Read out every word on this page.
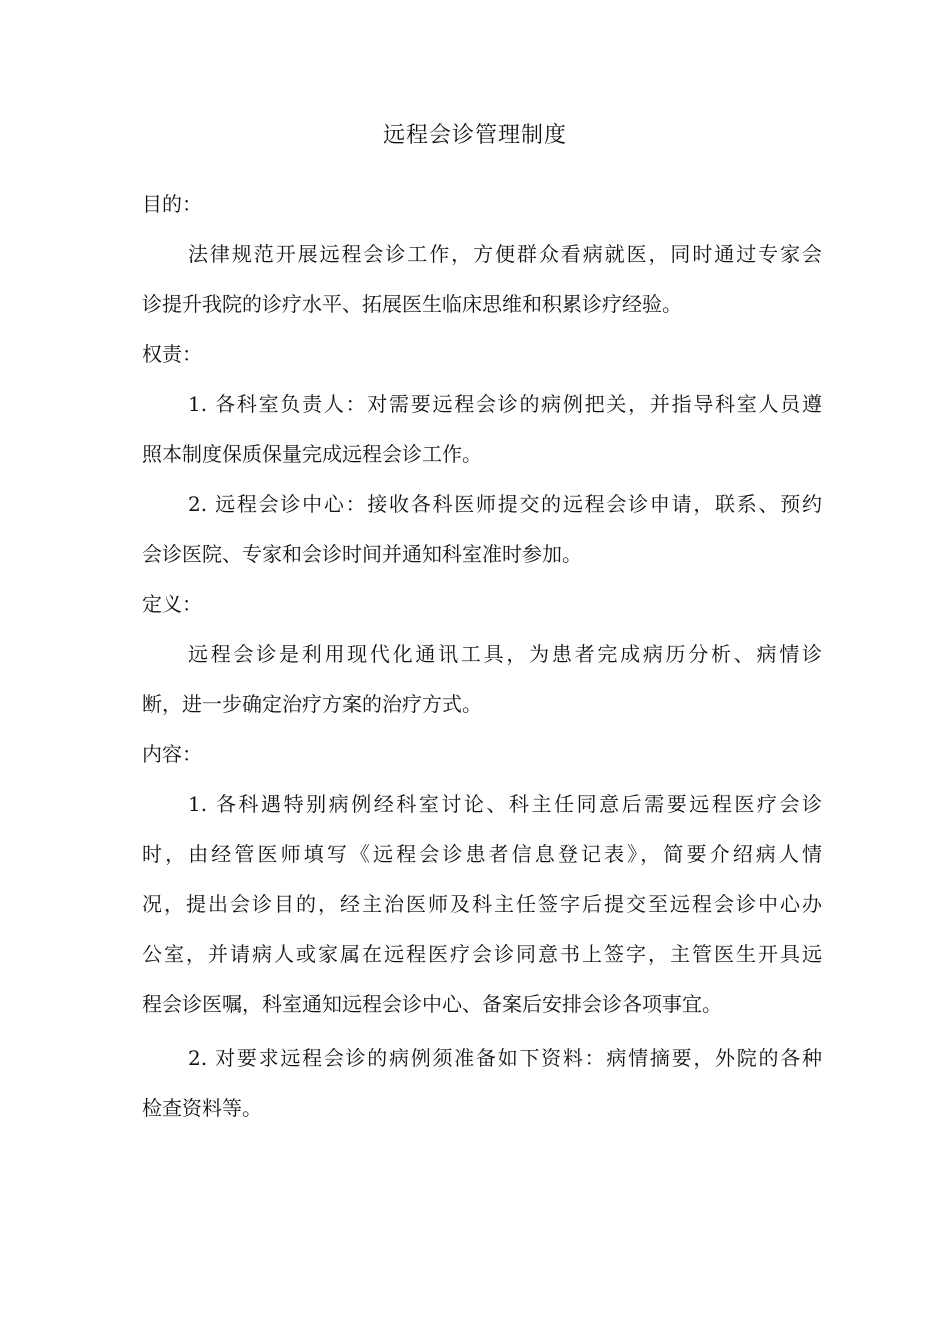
远程会诊管理制度
目的：
法律规范开展远程会诊工作，方便群众看病就医，同时通过专家会
诊提升我院的诊疗水平、拓展医生临床思维和积累诊疗经验。
权责：
1. 各科室负责人：对需要远程会诊的病例把关，并指导科室人员遵
照本制度保质保量完成远程会诊工作。
2. 远程会诊中心：接收各科医师提交的远程会诊申请，联系、预约
会诊医院、专家和会诊时间并通知科室准时参加。
定义：
远程会诊是利用现代化通讯工具，为患者完成病历分析、病情诊
断，进一步确定治疗方案的治疗方式。
内容：
1. 各科遇特别病例经科室讨论、科主任同意后需要远程医疗会诊
时，由经管医师填写《远程会诊患者信息登记表》，简要介绍病人情
况，提出会诊目的，经主治医师及科主任签字后提交至远程会诊中心办
公室，并请病人或家属在远程医疗会诊同意书上签字，主管医生开具远
程会诊医嘱，科室通知远程会诊中心、备案后安排会诊各项事宜。
2. 对要求远程会诊的病例须准备如下资料：病情摘要，外院的各种
检查资料等。
